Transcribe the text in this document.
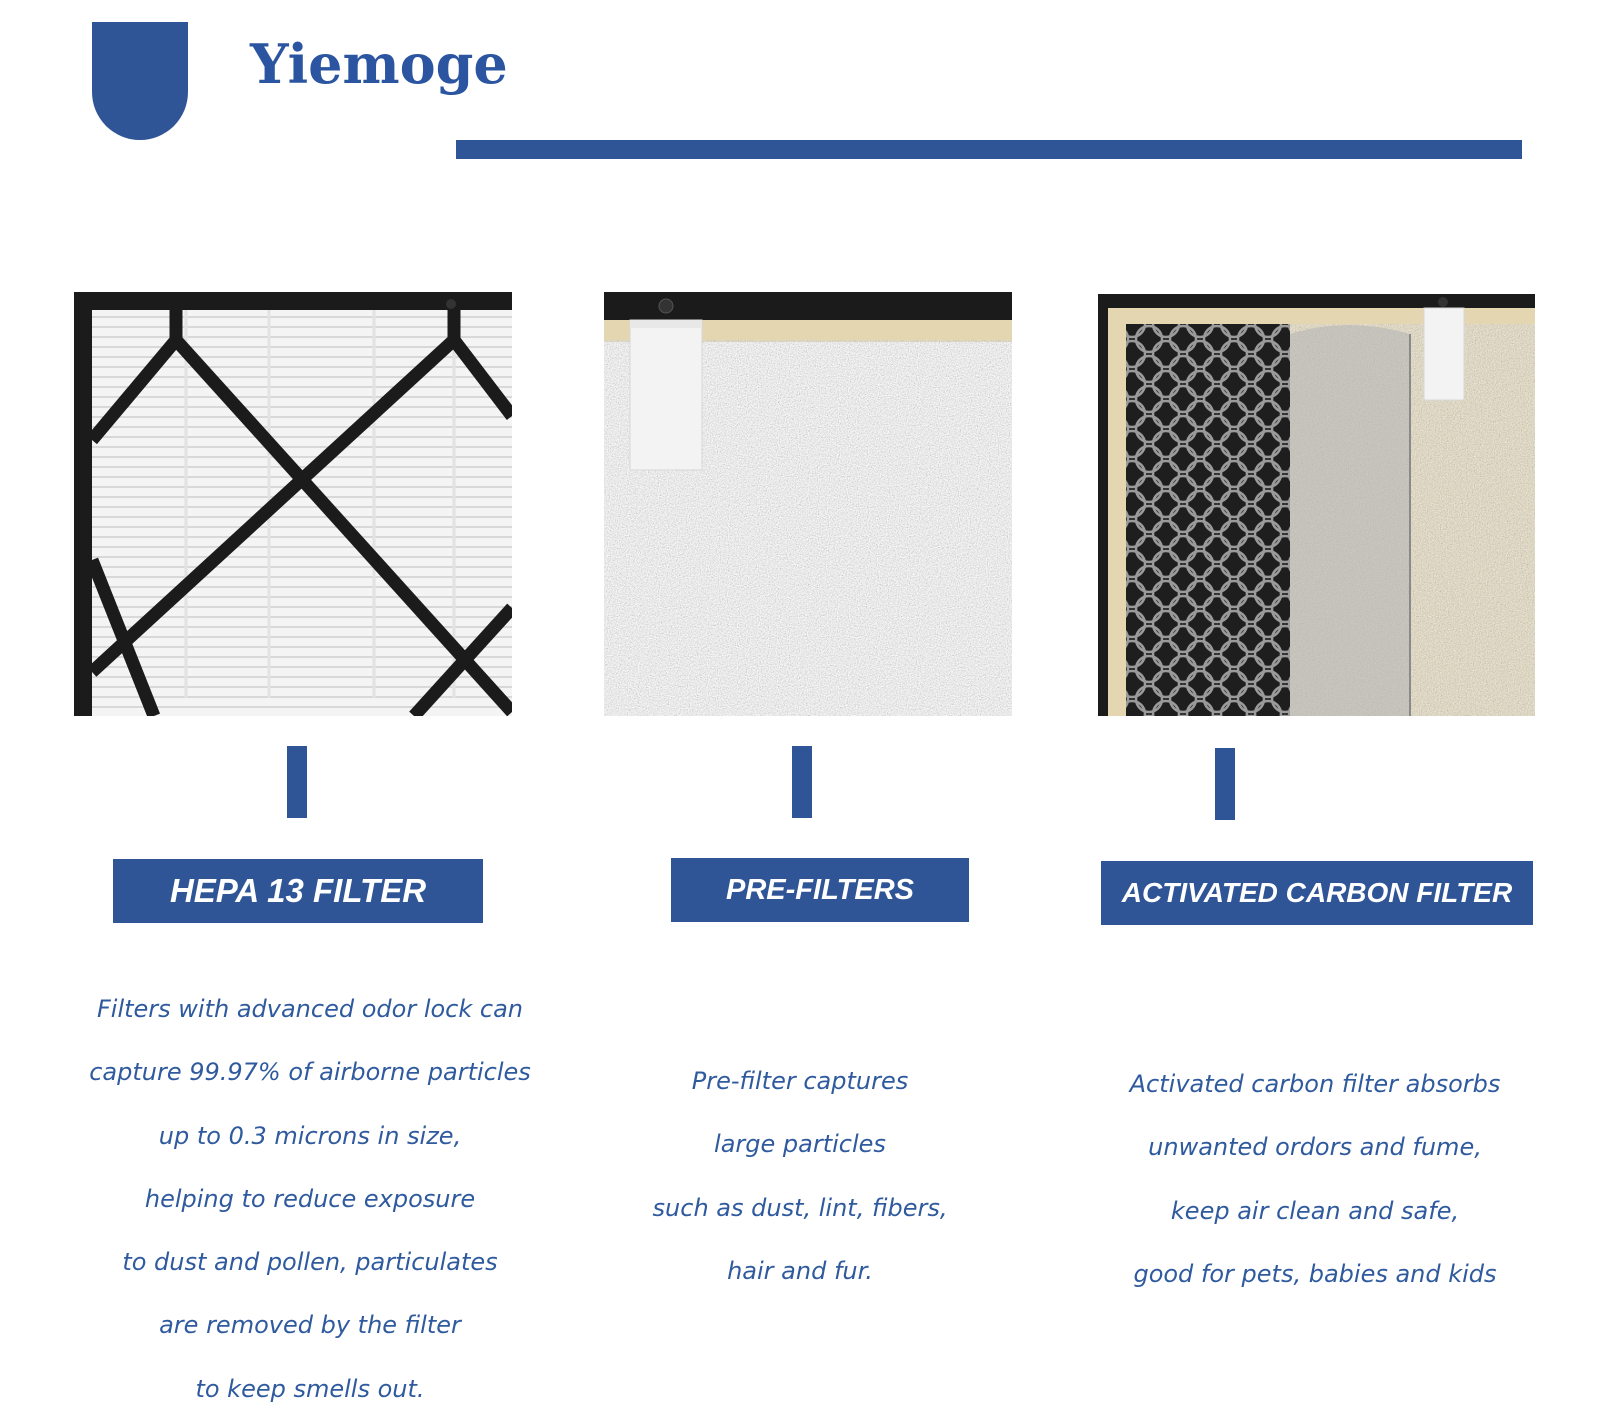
Yiemoge
HEPA 13 FILTER	PRE-FILTERS	ACTIVATED CARBON FILTER
Filters with advanced odor lock can
capture 99.97% of airborne particles
up to 0.3 microns in size,
helping to reduce exposure
to dust and pollen, particulates
are removed by the filter
to keep smells out.
Pre-filter captures
large particles
such as dust, lint, fibers,
hair and fur.
Activated carbon filter absorbs
unwanted ordors and fume,
keep air clean and safe,
good for pets, babies and kids
